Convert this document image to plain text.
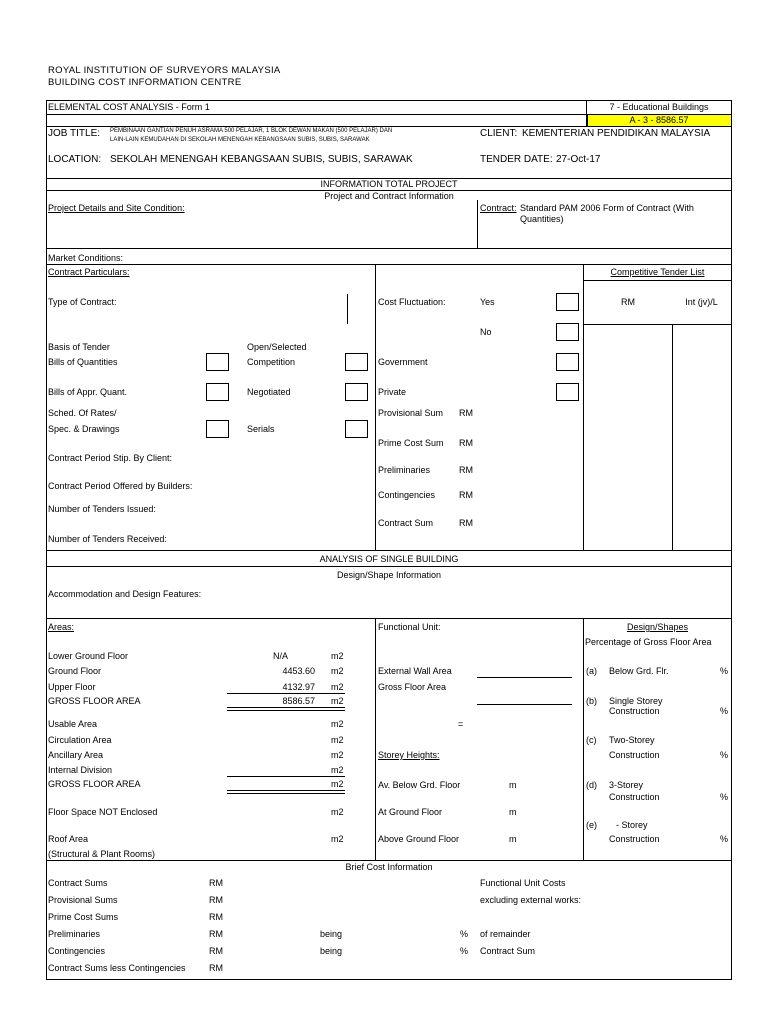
ROYAL INSTITUTION OF SURVEYORS MALAYSIA
BUILDING COST INFORMATION CENTRE
ELEMENTAL COST ANALYSIS - Form 1	7 - Educational Buildings
A - 3 - 8586.57
JOB TITLE: PEMBINAAN GANTIAN PENUH ASRAMA 500 PELAJAR, 1 BLOK DEWAN MAKAN (500 PELAJAR) DAN
LAIN-LAIN KEMUDAHAN DI SEKOLAH MENENGAH KEBANGSAAN SUBIS, SUBIS, SARAWAK
CLIENT: KEMENTERIAN PENDIDIKAN MALAYSIA
LOCATION: SEKOLAH MENENGAH KEBANGSAAN SUBIS, SUBIS, SARAWAK	TENDER DATE: 27-Oct-17
INFORMATION TOTAL PROJECT
Project and Contract Information
Project Details and Site Condition:	Contract: Standard PAM 2006 Form of Contract (With
Quantities)
Market Conditions:
Contract Particulars:	Competitive Tender List
RM	Int (jv)/L
Type of Contract:	Cost Fluctuation:	Yes
No
Basis of Tender	Open/Selected
Bills of Quantities	Competition	Government
Bills of Appr. Quant.	Negotiated	Private
Sched. Of Rates/
Spec. & Drawings	Serials
Provisional Sum RM
Prime Cost Sum RM
Preliminaries	RM
Contingencies	RM
Contract Sum	RM
Contract Period Stip. By Client:
Contract Period Offered by Builders:
Number of Tenders Issued:
Number of Tenders Received:
ANALYSIS OF SINGLE BUILDING
Design/Shape Information
Accommodation and Design Features:
Areas:	Functional Unit:	Design/Shapes
Percentage of Gross Floor Area
Lower Ground Floor	N/A	m2
Ground Floor	4453.60 m2
Upper Floor	4132.97 m2
GROSS FLOOR AREA	8586.57 m2
Usable Area	m2
Circulation Area	m2
Ancillary Area	m2
Internal Division	m2
GROSS FLOOR AREA	m2
Floor Space NOT Enclosed	m2
Roof Area	m2
(Structural & Plant Rooms)
External Wall Area
Gross Floor Area
=
Storey Heights:
Av. Below Grd. Floor	m
At Ground Floor	m
Above Ground Floor	m
(a) Below Grd. Flr.	%
(b) Single Storey
Construction	%
(c) Two-Storey
Construction	%
(d) 3-Storey
Construction	%
(e) - Storey
Construction	%
Brief Cost Information
Contract Sums	RM	Functional Unit Costs
Provisional Sums	RM	excluding external works:
Prime Cost Sums	RM
Preliminaries	RM	being	% of remainder
Contingencies	RM	being	% Contract Sum
Contract Sums less Contingencies	RM
